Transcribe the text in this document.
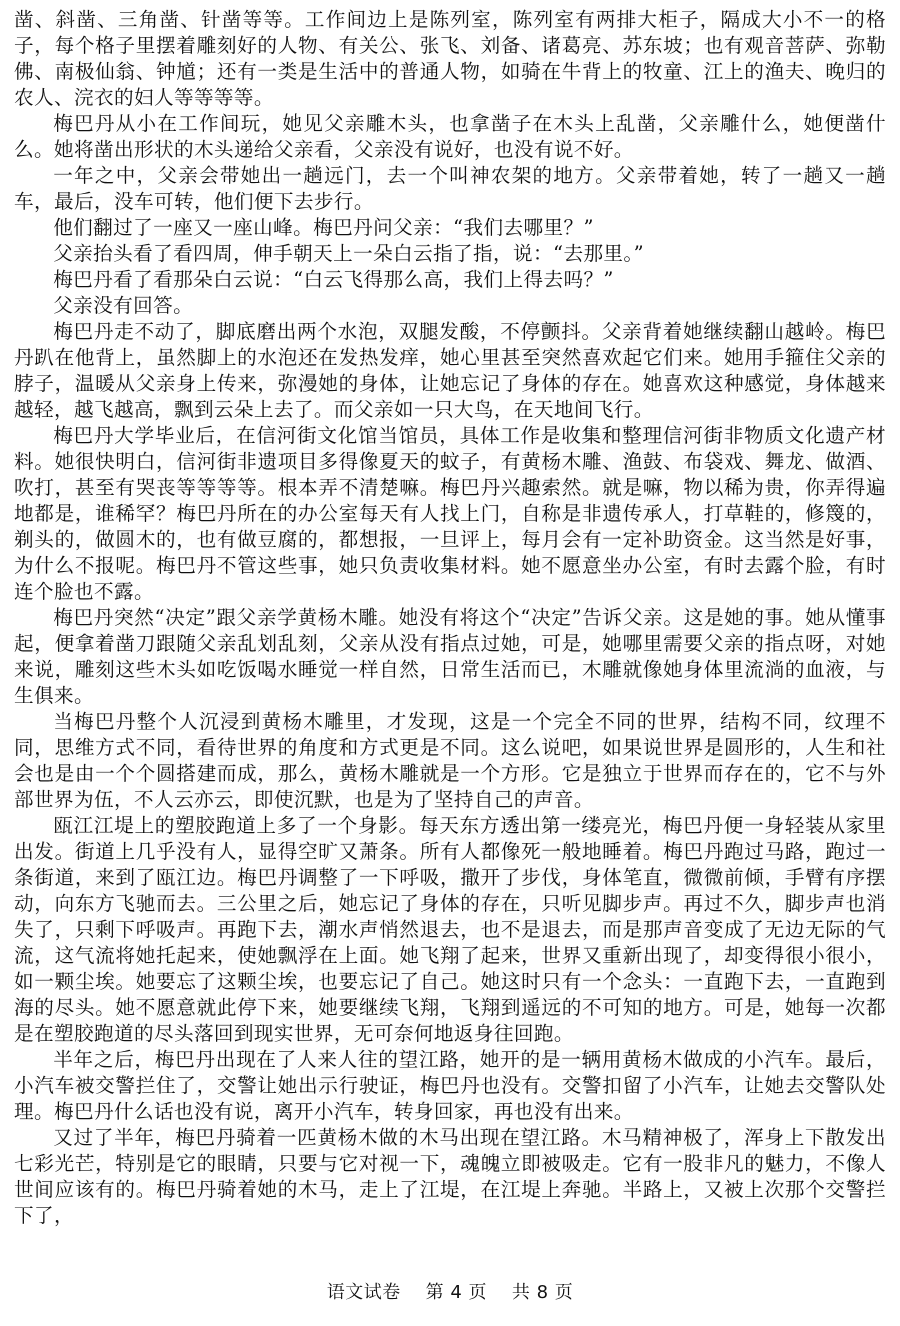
凿、斜凿、三角凿、针凿等等。工作间边上是陈列室，陈列室有两排大柜子，隔成大小不一的格子，每个格子里摆着雕刻好的人物、有关公、张飞、刘备、诸葛亮、苏东坡；也有观音菩萨、弥勒佛、南极仙翁、钟馗；还有一类是生活中的普通人物，如骑在牛背上的牧童、江上的渔夫、晚归的农人、浣衣的妇人等等等等。

梅巴丹从小在工作间玩，她见父亲雕木头，也拿凿子在木头上乱凿，父亲雕什么，她便凿什么。她将凿出形状的木头递给父亲看，父亲没有说好，也没有说不好。

一年之中，父亲会带她出一趟远门，去一个叫神农架的地方。父亲带着她，转了一趟又一趟车，最后，没车可转，他们便下去步行。

他们翻过了一座又一座山峰。梅巴丹问父亲：“我们去哪里？”

父亲抬头看了看四周，伸手朝天上一朵白云指了指，说：“去那里。”

梅巴丹看了看那朵白云说：“白云飞得那么高，我们上得去吗？”

父亲没有回答。

梅巴丹走不动了，脚底磨出两个水泡，双腿发酸，不停颤抖。父亲背着她继续翻山越岭。梅巴丹趴在他背上，虽然脚上的水泡还在发热发痒，她心里甚至突然喜欢起它们来。她用手箍住父亲的脖子，温暖从父亲身上传来，弥漫她的身体，让她忘记了身体的存在。她喜欢这种感觉，身体越来越轻，越飞越高，飘到云朵上去了。而父亲如一只大鸟，在天地间飞行。

梅巴丹大学毕业后，在信河街文化馆当馆员，具体工作是收集和整理信河街非物质文化遗产材料。她很快明白，信河街非遗项目多得像夏天的蚊子，有黄杨木雕、渔鼓、布袋戏、舞龙、做酒、吹打，甚至有哭丧等等等等。根本弄不清楚嘛。梅巴丹兴趣索然。就是嘛，物以稀为贵，你弄得遍地都是，谁稀罕？梅巴丹所在的办公室每天有人找上门，自称是非遗传承人，打草鞋的，修篾的，剃头的，做圆木的，也有做豆腐的，都想报，一旦评上，每月会有一定补助资金。这当然是好事，为什么不报呢。梅巴丹不管这些事，她只负责收集材料。她不愿意坐办公室，有时去露个脸，有时连个脸也不露。

梅巴丹突然“决定”跟父亲学黄杨木雕。她没有将这个“决定”告诉父亲。这是她的事。她从懂事起，便拿着凿刀跟随父亲乱划乱刻，父亲从没有指点过她，可是，她哪里需要父亲的指点呀，对她来说，雕刻这些木头如吃饭喝水睡觉一样自然，日常生活而已，木雕就像她身体里流淌的血液，与生俱来。

当梅巴丹整个人沉浸到黄杨木雕里，才发现，这是一个完全不同的世界，结构不同，纹理不同，思维方式不同，看待世界的角度和方式更是不同。这么说吧，如果说世界是圆形的，人生和社会也是由一个个圆搭建而成，那么，黄杨木雕就是一个方形。它是独立于世界而存在的，它不与外部世界为伍，不人云亦云，即使沉默，也是为了坚持自己的声音。

瓯江江堤上的塑胶跑道上多了一个身影。每天东方透出第一缕亮光，梅巴丹便一身轻装从家里出发。街道上几乎没有人，显得空旷又萧条。所有人都像死一般地睡着。梅巴丹跑过马路，跑过一条街道，来到了瓯江边。梅巴丹调整了一下呼吸，撒开了步伐，身体笔直，微微前倾，手臂有序摆动，向东方飞驰而去。三公里之后，她忘记了身体的存在，只听见脚步声。再过不久，脚步声也消失了，只剩下呼吸声。再跑下去，潮水声悄然退去，也不是退去，而是那声音变成了无边无际的气流，这气流将她托起来，使她飘浮在上面。她飞翔了起来，世界又重新出现了，却变得很小很小，如一颗尘埃。她要忘了这颗尘埃，也要忘记了自己。她这时只有一个念头：一直跑下去，一直跑到海的尽头。她不愿意就此停下来，她要继续飞翔，飞翔到遥远的不可知的地方。可是，她每一次都是在塑胶跑道的尽头落回到现实世界，无可奈何地返身往回跑。

半年之后，梅巴丹出现在了人来人往的望江路，她开的是一辆用黄杨木做成的小汽车。最后，小汽车被交警拦住了，交警让她出示行驶证，梅巴丹也没有。交警扣留了小汽车，让她去交警队处理。梅巴丹什么话也没有说，离开小汽车，转身回家，再也没有出来。

又过了半年，梅巴丹骑着一匹黄杨木做的木马出现在望江路。木马精神极了，浑身上下散发出七彩光芒，特别是它的眼睛，只要与它对视一下，魂魄立即被吸走。它有一股非凡的魅力，不像人世间应该有的。梅巴丹骑着她的木马，走上了江堤，在江堤上奔驰。半路上，又被上次那个交警拦下了，

语文试卷 第 4 页 共 8 页
